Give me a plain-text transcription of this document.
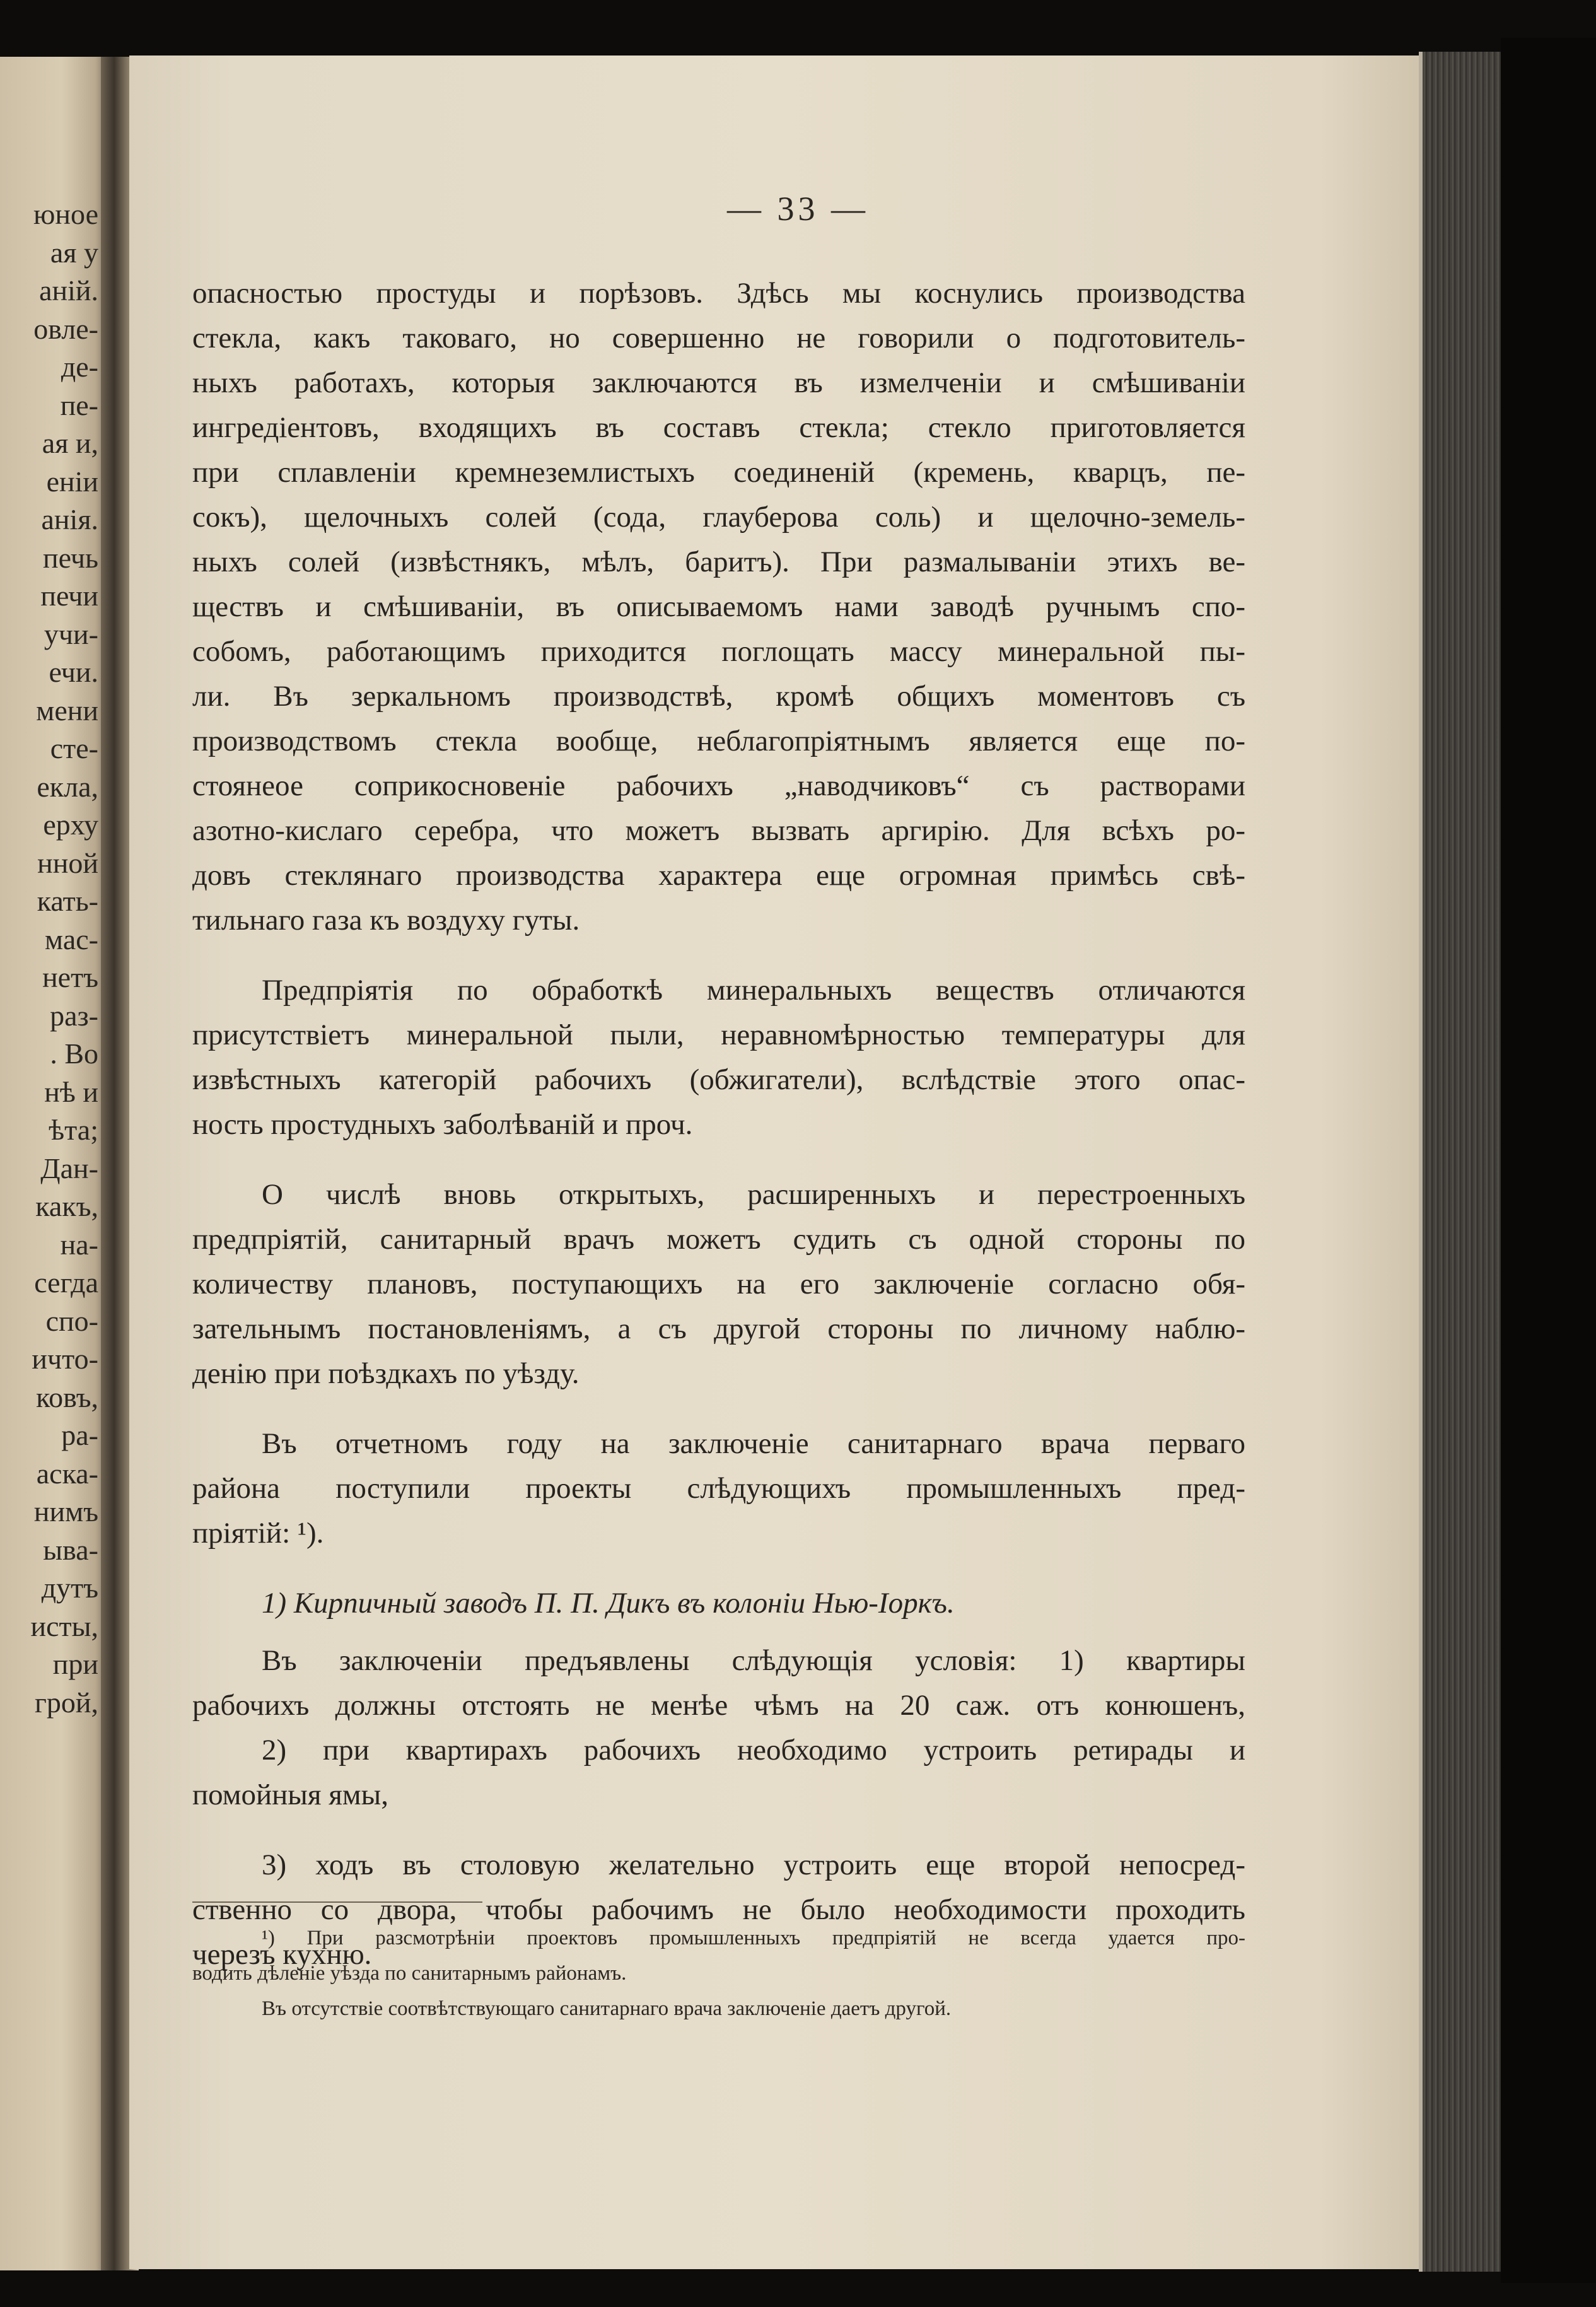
юное
ая у
аній.
овле-
де-
пе-
ая и,
еніи
анія.
печь
печи
учи-
ечи.
мени
сте-
екла,
ерху
нной
кать-
мас-
нетъ
раз-
. Во
нѣ и
ѣта;
Дан-
какъ,
на-
сегда
спо-
ичто-
ковъ,
ра-
аска-
нимъ
ыва-
дутъ
исты,
при
грой,
— 33 —
опасностью простуды и порѣзовъ. Здѣсь мы коснулись производства
стекла, какъ таковаго, но совершенно не говорили о подготовитель-
ныхъ работахъ, которыя заключаются въ измелченіи и смѣшиваніи
ингредіентовъ, входящихъ въ составъ стекла; стекло приготовляется
при сплавленіи кремнеземлистыхъ соединеній (кремень, кварцъ, пе-
сокъ), щелочныхъ солей (сода, глауберова соль) и щелочно-земель-
ныхъ солей (извѣстнякъ, мѣлъ, баритъ). При размалываніи этихъ ве-
ществъ и смѣшиваніи, въ описываемомъ нами заводѣ ручнымъ спо-
собомъ, работающимъ приходится поглощать массу минеральной пы-
ли. Въ зеркальномъ производствѣ, кромѣ общихъ моментовъ съ
производствомъ стекла вообще, неблагопріятнымъ является еще по-
стоянеое соприкосновеніе рабочихъ „наводчиковъ“ съ растворами
азотно-кислаго серебра, что можетъ вызвать аргирію. Для всѣхъ ро-
довъ стеклянаго производства характера еще огромная примѣсь свѣ-
тильнаго газа къ воздуху гуты.
Предпріятія по обработкѣ минеральныхъ веществъ отличаются
присутствіетъ минеральной пыли, неравномѣрностью температуры для
извѣстныхъ категорій рабочихъ (обжигатели), вслѣдствіе этого опас-
ность простудныхъ заболѣваній и проч.
О числѣ вновь открытыхъ, расширенныхъ и перестроенныхъ
предпріятій, санитарный врачъ можетъ судить съ одной стороны по
количеству плановъ, поступающихъ на его заключеніе согласно обя-
зательнымъ постановленіямъ, а съ другой стороны по личному наблю-
денію при поѣздкахъ по уѣзду.
Въ отчетномъ году на заключеніе санитарнаго врача перваго
района поступили проекты слѣдующихъ промышленныхъ пред-
пріятій: ¹).
1) Кирпичный заводъ П. П. Дикъ въ колоніи Нью-Іоркъ.
Въ заключеніи предъявлены слѣдующія условія: 1) квартиры
рабочихъ должны отстоять не менѣе чѣмъ на 20 саж. отъ конюшенъ,
2) при квартирахъ рабочихъ необходимо устроить ретирады и
помойныя ямы,
3) ходъ въ столовую желательно устроить еще второй непосред-
ственно со двора, чтобы рабочимъ не было необходимости проходить
черезъ кухню.
¹) При разсмотрѣніи проектовъ промышленныхъ предпріятій не всегда удается про-
водить дѣленіе уѣзда по санитарнымъ районамъ.
Въ отсутствіе соотвѣтствующаго санитарнаго врача заключеніе даетъ другой.
